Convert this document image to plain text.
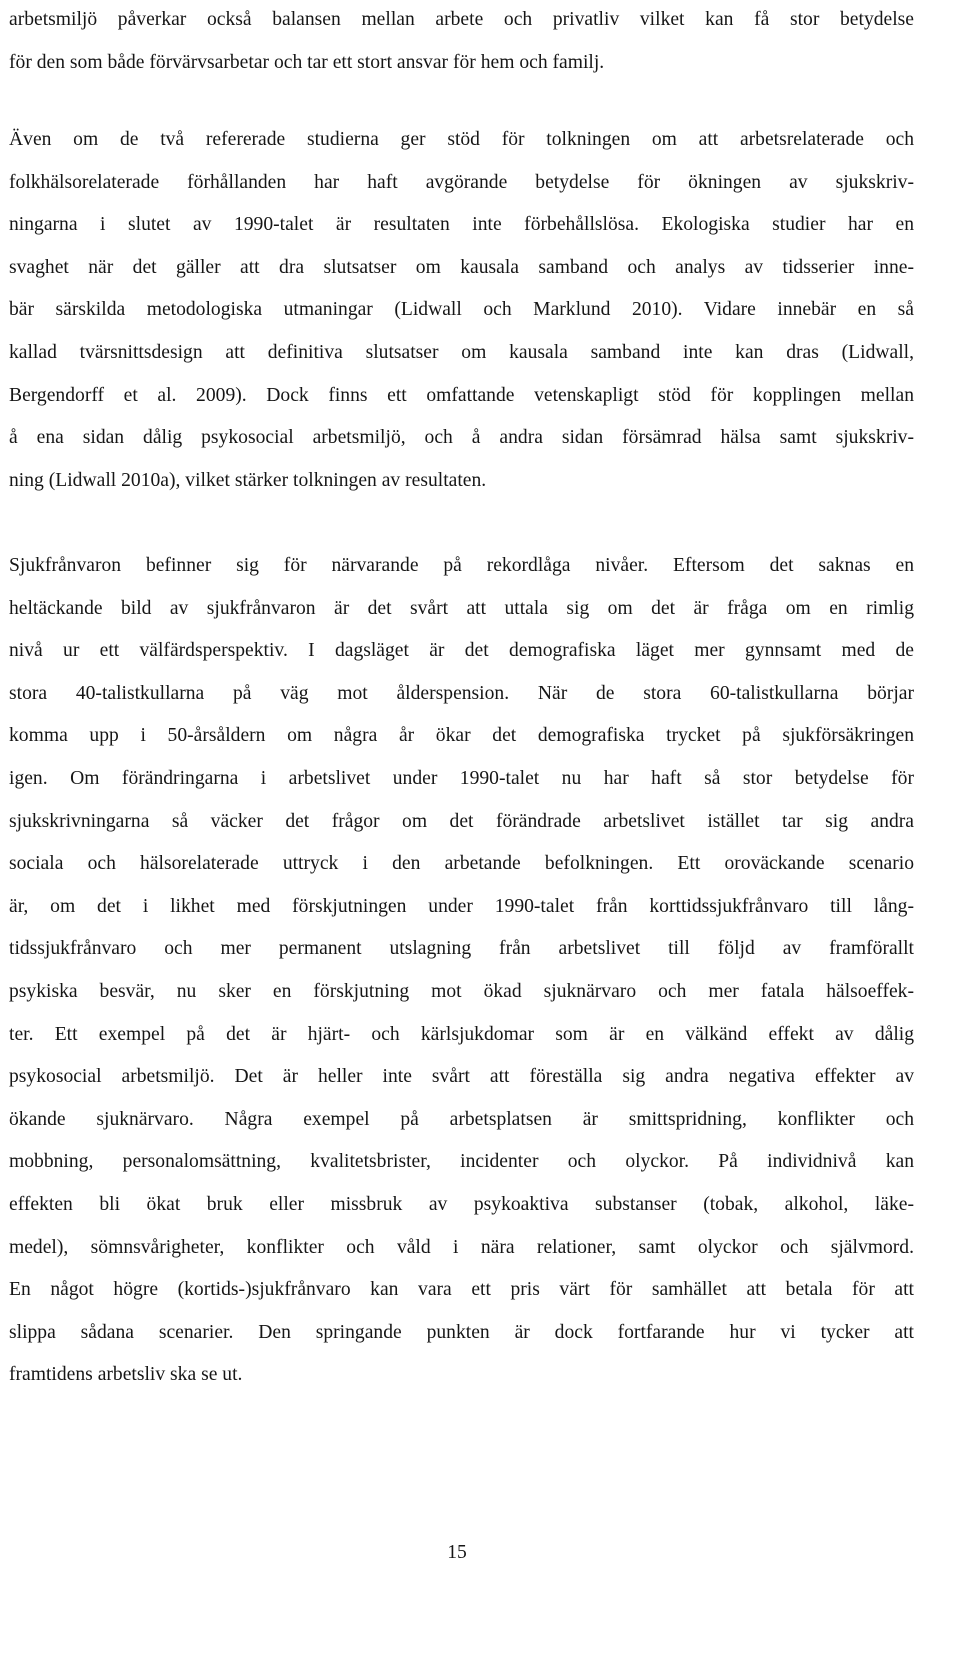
arbetsmiljö påverkar också balansen mellan arbete och privatliv vilket kan få stor betydelse
för den som både förvärvsarbetar och tar ett stort ansvar för hem och familj.
Även om de två refererade studierna ger stöd för tolkningen om att arbetsrelaterade och
folkhälsorelaterade förhållanden har haft avgörande betydelse för ökningen av sjukskriv-
ningarna i slutet av 1990-talet är resultaten inte förbehållslösa. Ekologiska studier har en
svaghet när det gäller att dra slutsatser om kausala samband och analys av tidsserier inne-
bär särskilda metodologiska utmaningar (Lidwall och Marklund 2010). Vidare innebär en så
kallad tvärsnittsdesign att definitiva slutsatser om kausala samband inte kan dras (Lidwall,
Bergendorff et al. 2009). Dock finns ett omfattande vetenskapligt stöd för kopplingen mellan
å ena sidan dålig psykosocial arbetsmiljö, och å andra sidan försämrad hälsa samt sjukskriv-
ning (Lidwall 2010a), vilket stärker tolkningen av resultaten.
Sjukfrånvaron befinner sig för närvarande på rekordlåga nivåer. Eftersom det saknas en
heltäckande bild av sjukfrånvaron är det svårt att uttala sig om det är fråga om en rimlig
nivå ur ett välfärdsperspektiv. I dagsläget är det demografiska läget mer gynnsamt med de
stora 40-talistkullarna på väg mot ålderspension. När de stora 60-talistkullarna börjar
komma upp i 50-årsåldern om några år ökar det demografiska trycket på sjukförsäkringen
igen. Om förändringarna i arbetslivet under 1990-talet nu har haft så stor betydelse för
sjukskrivningarna så väcker det frågor om det förändrade arbetslivet istället tar sig andra
sociala och hälsorelaterade uttryck i den arbetande befolkningen. Ett oroväckande scenario
är, om det i likhet med förskjutningen under 1990-talet från korttidssjukfrånvaro till lång-
tidssjukfrånvaro och mer permanent utslagning från arbetslivet till följd av framförallt
psykiska besvär, nu sker en förskjutning mot ökad sjuknärvaro och mer fatala hälsoeffek-
ter. Ett exempel på det är hjärt- och kärlsjukdomar som är en välkänd effekt av dålig
psykosocial arbetsmiljö. Det är heller inte svårt att föreställa sig andra negativa effekter av
ökande sjuknärvaro. Några exempel på arbetsplatsen är smittspridning, konflikter och
mobbning, personalomsättning, kvalitetsbrister, incidenter och olyckor. På individnivå kan
effekten bli ökat bruk eller missbruk av psykoaktiva substanser (tobak, alkohol, läke-
medel), sömnsvårigheter, konflikter och våld i nära relationer, samt olyckor och självmord.
En något högre (kortids-)sjukfrånvaro kan vara ett pris värt för samhället att betala för att
slippa sådana scenarier. Den springande punkten är dock fortfarande hur vi tycker att
framtidens arbetsliv ska se ut.
15
